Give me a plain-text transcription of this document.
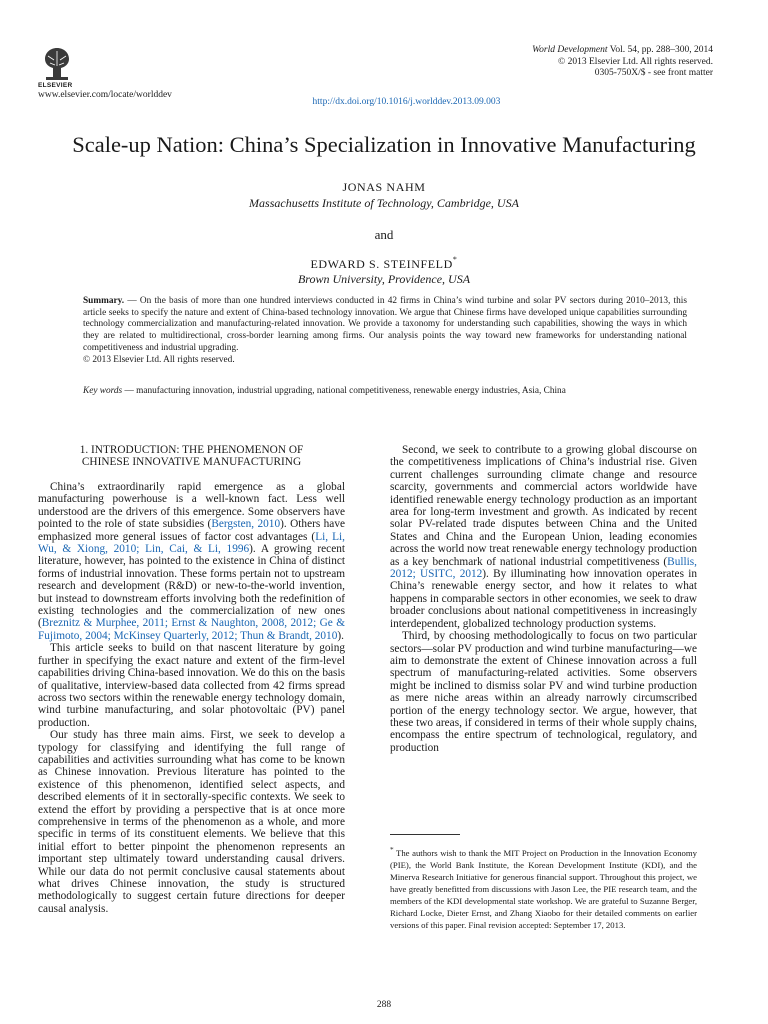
ELSEVIER
www.elsevier.com/locate/worlddev
World Development Vol. 54, pp. 288–300, 2014
© 2013 Elsevier Ltd. All rights reserved.
0305-750X/$ - see front matter
http://dx.doi.org/10.1016/j.worlddev.2013.09.003
Scale-up Nation: China’s Specialization in Innovative Manufacturing
JONAS NAHM
Massachusetts Institute of Technology, Cambridge, USA
and
EDWARD S. STEINFELD*
Brown University, Providence, USA
Summary. — On the basis of more than one hundred interviews conducted in 42 firms in China’s wind turbine and solar PV sectors during 2010–2013, this article seeks to specify the nature and extent of China-based technology innovation. We argue that Chinese firms have developed unique capabilities surrounding technology commercialization and manufacturing-related innovation. We provide a taxonomy for understanding such capabilities, showing the ways in which they are related to multidirectional, cross-border learning among firms. Our analysis points the way toward new frameworks for understanding national competitiveness and industrial upgrading.
© 2013 Elsevier Ltd. All rights reserved.
Key words — manufacturing innovation, industrial upgrading, national competitiveness, renewable energy industries, Asia, China
1. INTRODUCTION: THE PHENOMENON OF
CHINESE INNOVATIVE MANUFACTURING

China’s extraordinarily rapid emergence as a global manufacturing powerhouse is a well-known fact. Less well understood are the drivers of this emergence. Some observers have pointed to the role of state subsidies (Bergsten, 2010). Others have emphasized more general issues of factor cost advantages (Li, Li, Wu, & Xiong, 2010; Lin, Cai, & Li, 1996). A growing recent literature, however, has pointed to the existence in China of distinct forms of industrial innovation. These forms pertain not to upstream research and development (R&D) or new-to-the-world invention, but instead to downstream efforts involving both the redefinition of existing technologies and the commercialization of new ones (Breznitz & Murphee, 2011; Ernst & Naughton, 2008, 2012; Ge & Fujimoto, 2004; McKinsey Quarterly, 2012; Thun & Brandt, 2010).

This article seeks to build on that nascent literature by going further in specifying the exact nature and extent of the firm-level capabilities driving China-based innovation. We do this on the basis of qualitative, interview-based data collected from 42 firms spread across two sectors within the renewable energy technology domain, wind turbine manufacturing, and solar photovoltaic (PV) panel production.

Our study has three main aims. First, we seek to develop a typology for classifying and identifying the full range of capabilities and activities surrounding what has come to be known as Chinese innovation. Previous literature has pointed to the existence of this phenomenon, identified select aspects, and described elements of it in sectorally-specific contexts. We seek to extend the effort by providing a perspective that is at once more comprehensive in terms of the phenomenon as a whole, and more specific in terms of its constituent elements. We believe that this initial effort to better pinpoint the phenomenon represents an important step ultimately toward understanding causal drivers. While our data do not permit conclusive causal statements about what drives Chinese innovation, the study is structured methodologically to suggest certain future directions for deeper causal analysis.

Second, we seek to contribute to a growing global discourse on the competitiveness implications of China’s industrial rise. Given current challenges surrounding climate change and resource scarcity, governments and commercial actors worldwide have identified renewable energy technology production as an important area for long-term investment and growth. As indicated by recent solar PV-related trade disputes between China and the United States and China and the European Union, leading economies across the world now treat renewable energy technology production as a key benchmark of national industrial competitiveness (Bullis, 2012; USITC, 2012). By illuminating how innovation operates in China’s renewable energy sector, and how it relates to what happens in comparable sectors in other economies, we seek to draw broader conclusions about national competitiveness in increasingly interdependent, globalized technology production systems.

Third, by choosing methodologically to focus on two particular sectors—solar PV production and wind turbine manufacturing—we aim to demonstrate the extent of Chinese innovation across a full spectrum of manufacturing-related activities. Some observers might be inclined to dismiss solar PV and wind turbine production as mere niche areas within an already narrowly circumscribed portion of the energy technology sector. We argue, however, that these two areas, if considered in terms of their whole supply chains, encompass the entire spectrum of technological, regulatory, and production

* The authors wish to thank the MIT Project on Production in the Innovation Economy (PIE), the World Bank Institute, the Korean Development Institute (KDI), and the Minerva Research Initiative for generous financial support. Throughout this project, we have greatly benefitted from discussions with Jason Lee, the PIE research team, and the members of the KDI developmental state workshop. We are grateful to Suzanne Berger, Richard Locke, Dieter Ernst, and Zhang Xiaobo for their detailed comments on earlier versions of this paper. Final revision accepted: September 17, 2013.

288
